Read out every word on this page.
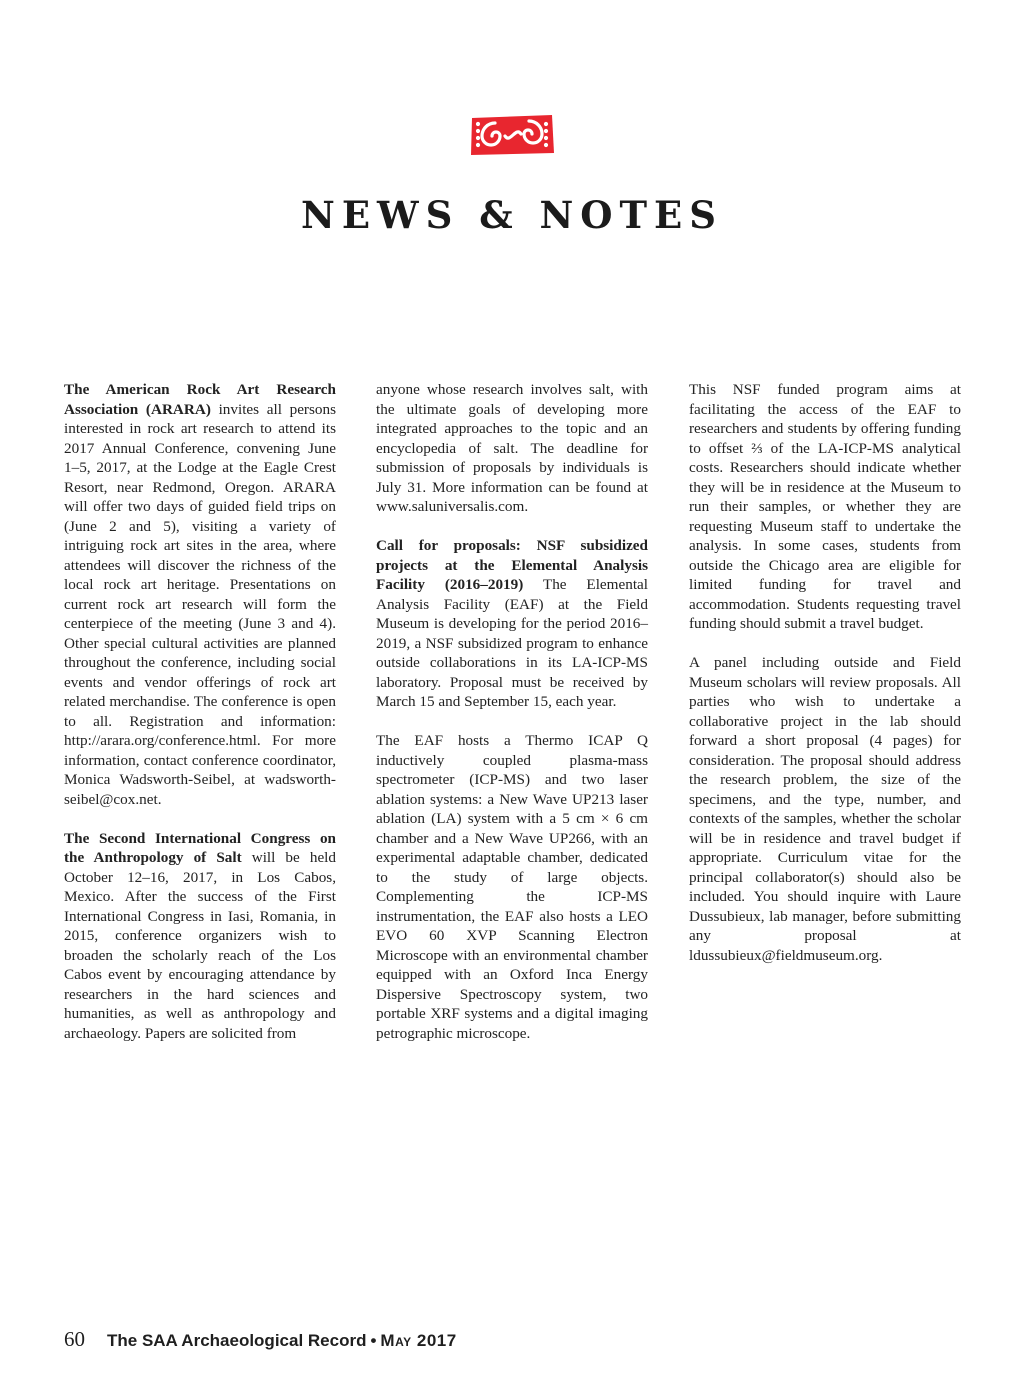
NEWS & NOTES

The American Rock Art Research Association (ARARA) invites all persons interested in rock art research to attend its 2017 Annual Conference, convening June 1–5, 2017, at the Lodge at the Eagle Crest Resort, near Redmond, Oregon. ARARA will offer two days of guided field trips on (June 2 and 5), visiting a variety of intriguing rock art sites in the area, where attendees will discover the richness of the local rock art heritage. Presentations on current rock art research will form the centerpiece of the meeting (June 3 and 4). Other special cultural activities are planned throughout the conference, including social events and vendor offerings of rock art related merchandise. The conference is open to all. Registration and information: http://arara.org/conference.html. For more information, contact conference coordinator, Monica Wadsworth-Seibel, at wadsworth-seibel@cox.net.

The Second International Congress on the Anthropology of Salt will be held October 12–16, 2017, in Los Cabos, Mexico. After the success of the First International Congress in Iasi, Romania, in 2015, conference organizers wish to broaden the scholarly reach of the Los Cabos event by encouraging attendance by researchers in the hard sciences and humanities, as well as anthropology and archaeology. Papers are solicited from

anyone whose research involves salt, with the ultimate goals of developing more integrated approaches to the topic and an encyclopedia of salt. The deadline for submission of proposals by individuals is July 31. More information can be found at www.saluniversalis.com.

Call for proposals: NSF subsidized projects at the Elemental Analysis Facility (2016–2019) The Elemental Analysis Facility (EAF) at the Field Museum is developing for the period 2016–2019, a NSF subsidized program to enhance outside collaborations in its LA-ICP-MS laboratory. Proposal must be received by March 15 and September 15, each year.

The EAF hosts a Thermo ICAP Q inductively coupled plasma-mass spectrometer (ICP-MS) and two laser ablation systems: a New Wave UP213 laser ablation (LA) system with a 5 cm × 6 cm chamber and a New Wave UP266, with an experimental adaptable chamber, dedicated to the study of large objects. Complementing the ICP-MS instrumentation, the EAF also hosts a LEO EVO 60 XVP Scanning Electron Microscope with an environmental chamber equipped with an Oxford Inca Energy Dispersive Spectroscopy system, two portable XRF systems and a digital imaging petrographic microscope.

This NSF funded program aims at facilitating the access of the EAF to researchers and students by offering funding to offset ⅔ of the LA-ICP-MS analytical costs. Researchers should indicate whether they will be in residence at the Museum to run their samples, or whether they are requesting Museum staff to undertake the analysis. In some cases, students from outside the Chicago area are eligible for limited funding for travel and accommodation. Students requesting travel funding should submit a travel budget.

A panel including outside and Field Museum scholars will review proposals. All parties who wish to undertake a collaborative project in the lab should forward a short proposal (4 pages) for consideration. The proposal should address the research problem, the size of the specimens, and the type, number, and contexts of the samples, whether the scholar will be in residence and travel budget if appropriate. Curriculum vitae for the principal collaborator(s) should also be included. You should inquire with Laure Dussubieux, lab manager, before submitting any proposal at ldussubieux@fieldmuseum.org.

60 The SAA Archaeological Record • May 2017
